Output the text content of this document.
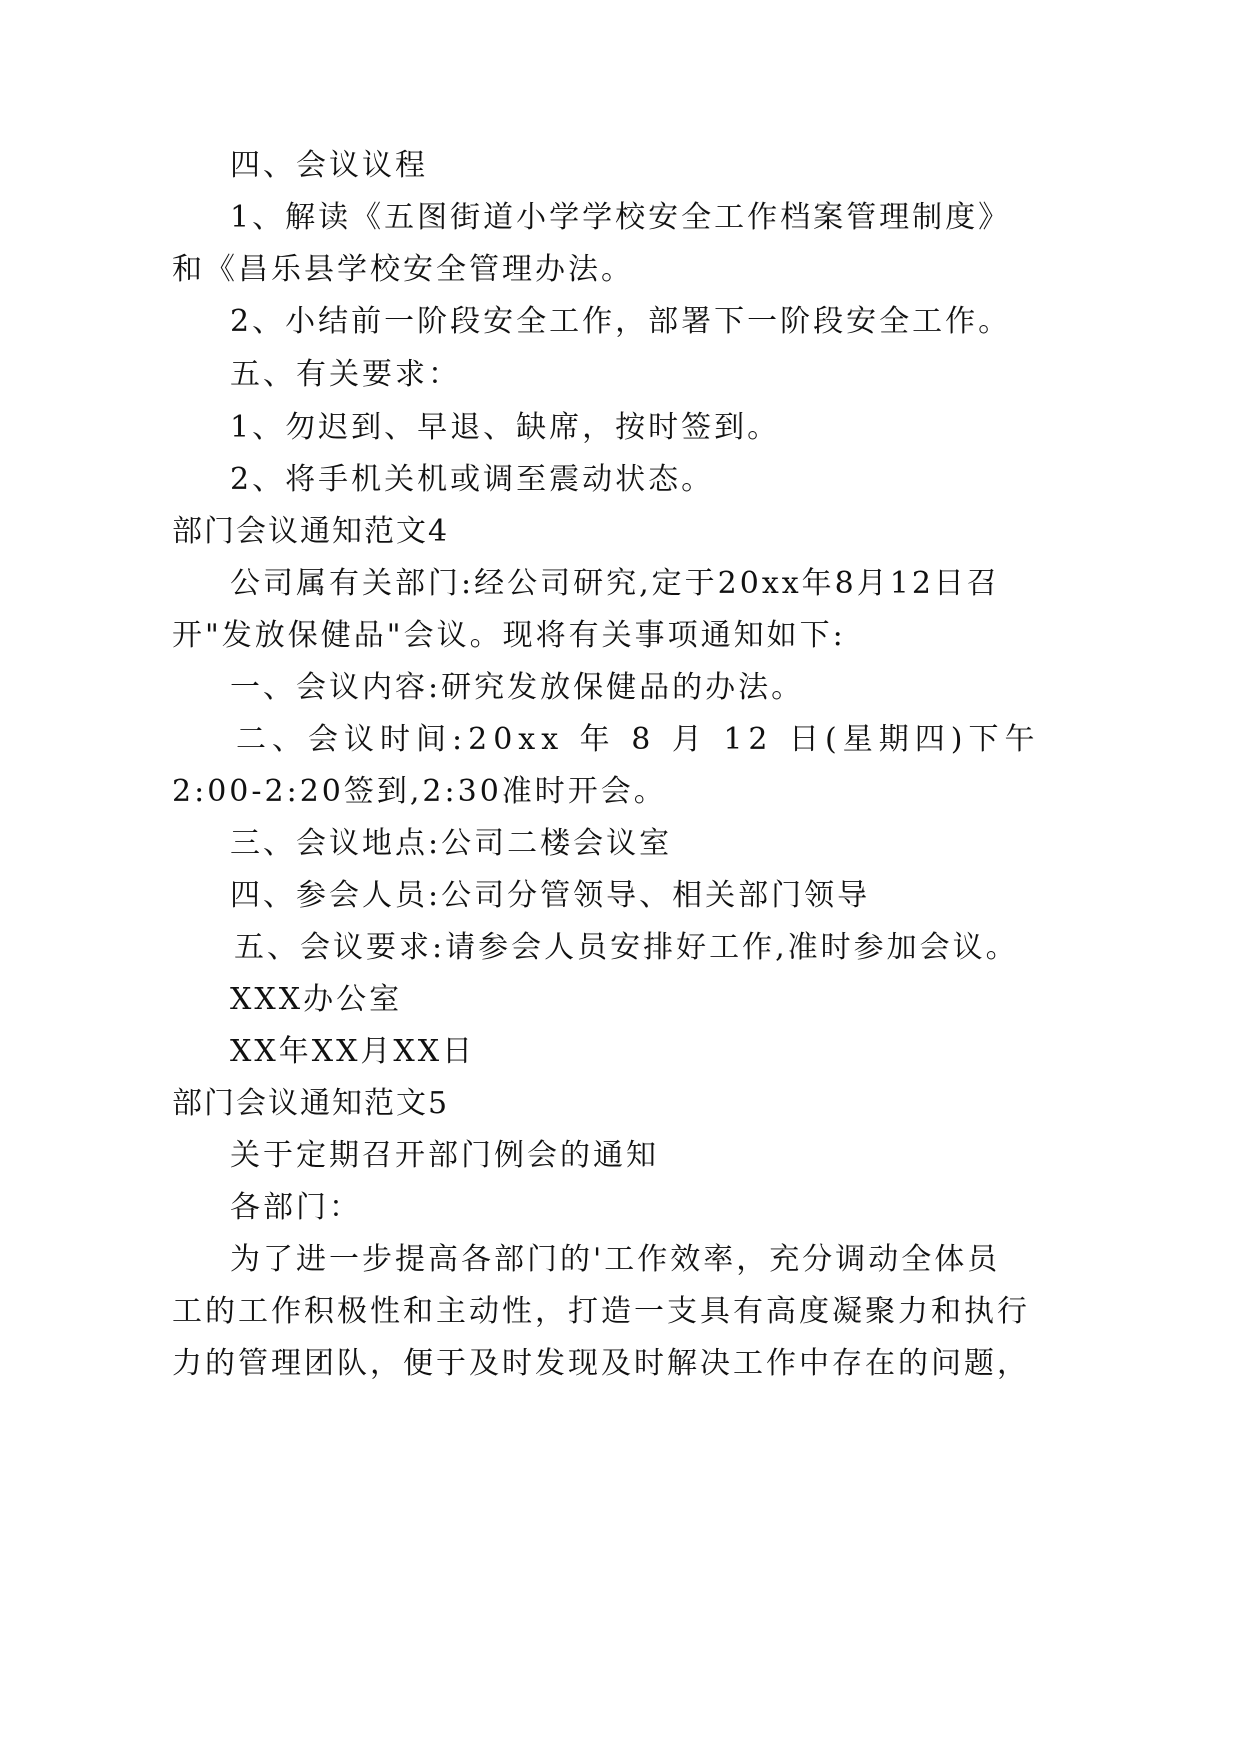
四、会议议程
1、解读《五图街道小学学校安全工作档案管理制度》
和《昌乐县学校安全管理办法。
2、小结前一阶段安全工作，部署下一阶段安全工作。
五、有关要求：
1、勿迟到、早退、缺席，按时签到。
2、将手机关机或调至震动状态。
部门会议通知范文4
公司属有关部门:经公司研究,定于20xx年8月12日召
开"发放保健品"会议。现将有关事项通知如下:
一、会议内容:研究发放保健品的办法。
二、会议时间:20xx 年 8 月 12 日(星期四)下午
2:00-2:20签到,2:30准时开会。
三、会议地点:公司二楼会议室
四、参会人员:公司分管领导、相关部门领导
五、会议要求:请参会人员安排好工作,准时参加会议。
XXX办公室
XX年XX月XX日
部门会议通知范文5
关于定期召开部门例会的通知
各部门：
为了进一步提高各部门的'工作效率，充分调动全体员
工的工作积极性和主动性，打造一支具有高度凝聚力和执行
力的管理团队，便于及时发现及时解决工作中存在的问题，
